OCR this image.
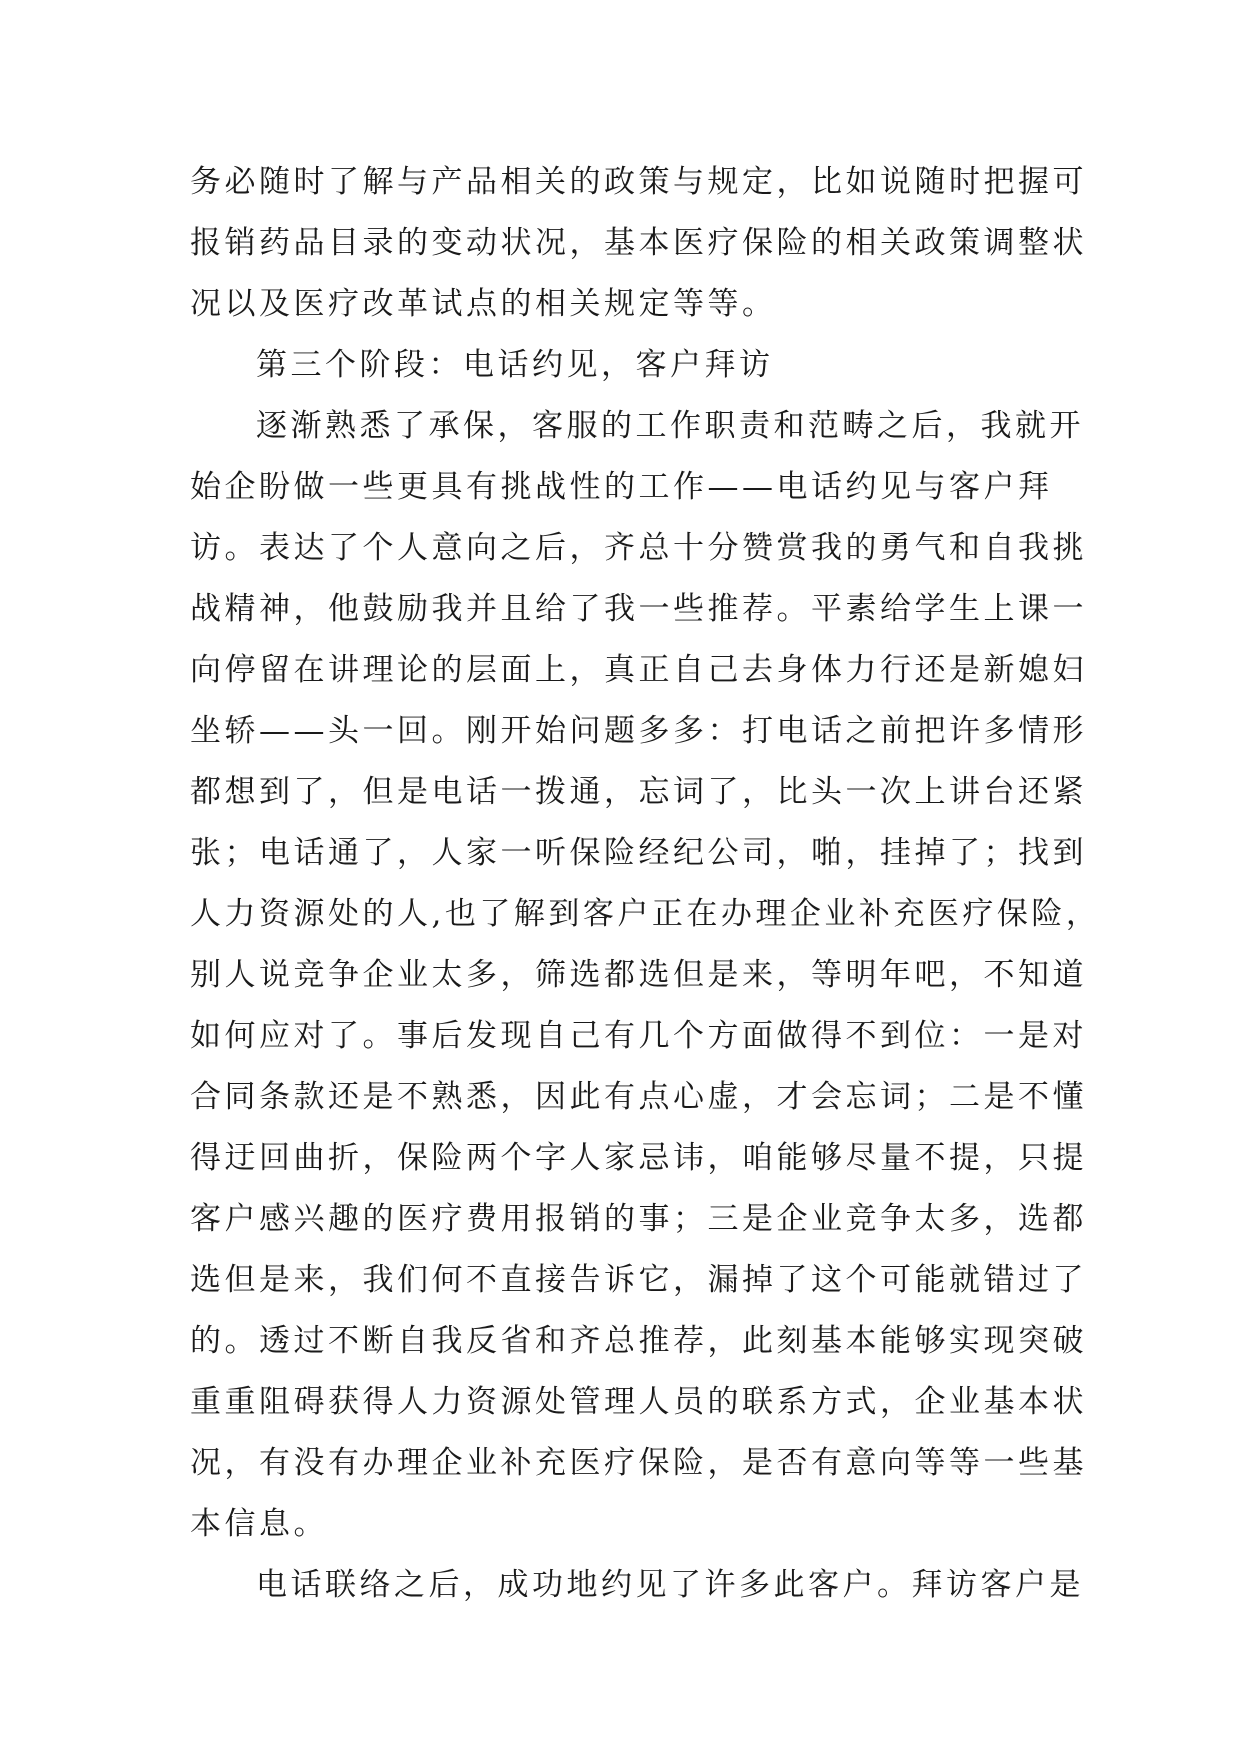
务必随时了解与产品相关的政策与规定，比如说随时把握可
报销药品目录的变动状况，基本医疗保险的相关政策调整状
况以及医疗改革试点的相关规定等等。
第三个阶段：电话约见，客户拜访
逐渐熟悉了承保，客服的工作职责和范畴之后，我就开
始企盼做一些更具有挑战性的工作——电话约见与客户拜
访。表达了个人意向之后，齐总十分赞赏我的勇气和自我挑
战精神，他鼓励我并且给了我一些推荐。平素给学生上课一
向停留在讲理论的层面上，真正自己去身体力行还是新媳妇
坐轿——头一回。刚开始问题多多：打电话之前把许多情形
都想到了，但是电话一拨通，忘词了，比头一次上讲台还紧
张；电话通了，人家一听保险经纪公司，啪，挂掉了；找到
人力资源处的人,也了解到客户正在办理企业补充医疗保险，
别人说竞争企业太多，筛选都选但是来，等明年吧，不知道
如何应对了。事后发现自己有几个方面做得不到位：一是对
合同条款还是不熟悉，因此有点心虚，才会忘词；二是不懂
得迂回曲折，保险两个字人家忌讳，咱能够尽量不提，只提
客户感兴趣的医疗费用报销的事；三是企业竞争太多，选都
选但是来，我们何不直接告诉它，漏掉了这个可能就错过了
的。透过不断自我反省和齐总推荐，此刻基本能够实现突破
重重阻碍获得人力资源处管理人员的联系方式，企业基本状
况，有没有办理企业补充医疗保险，是否有意向等等一些基
本信息。
电话联络之后，成功地约见了许多此客户。拜访客户是
